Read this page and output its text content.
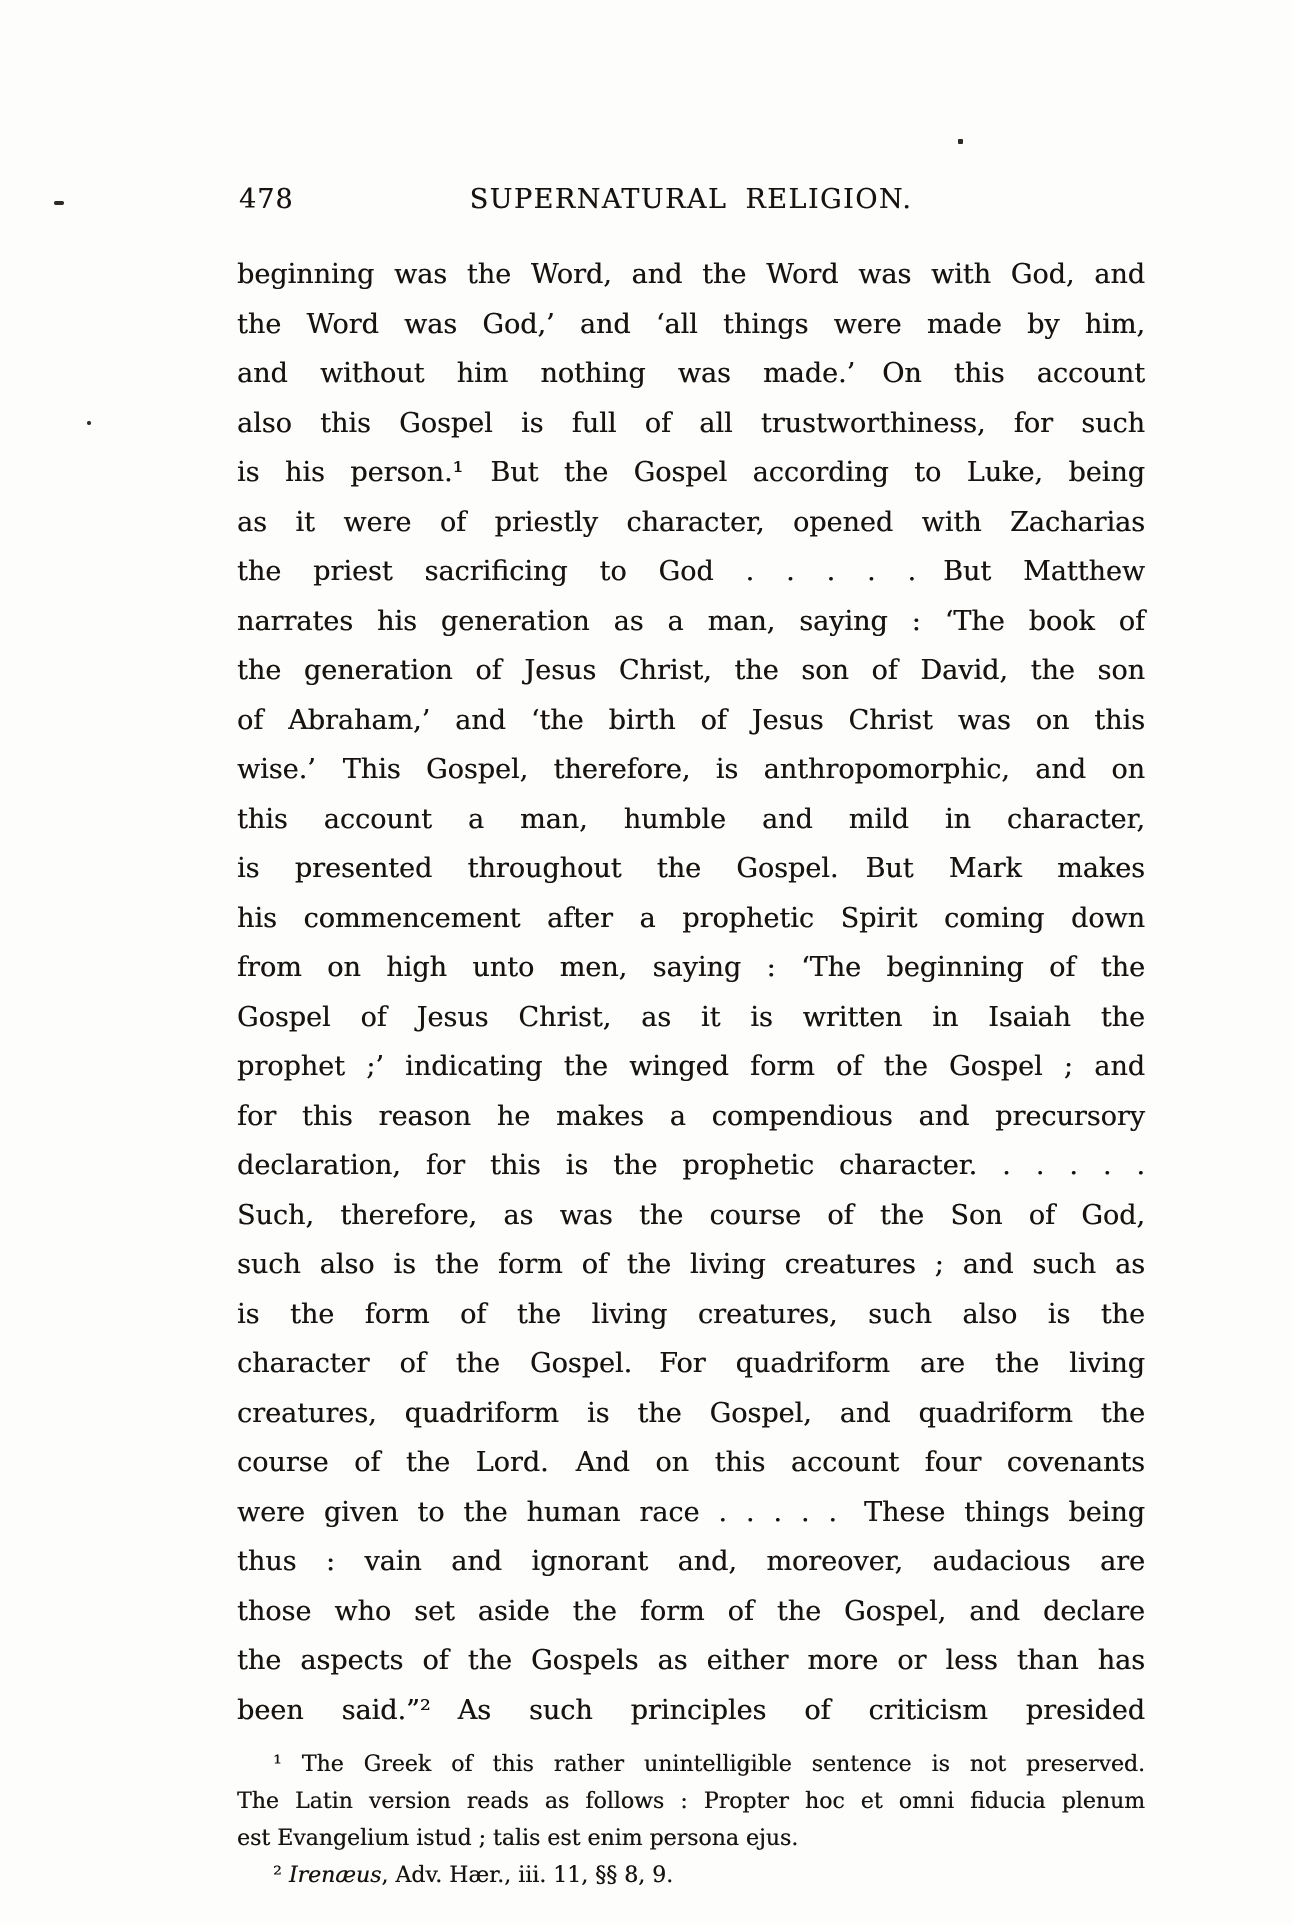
478	SUPERNATURAL RELIGION.
beginning was the Word, and the Word was with God, and
the Word was God,’ and ‘all things were made by him,
and without him nothing was made.’ On this account
also this Gospel is full of all trustworthiness, for such
is his person.¹ But the Gospel according to Luke, being
as it were of priestly character, opened with Zacharias
the priest sacrificing to God . . . . . But Matthew
narrates his generation as a man, saying : ‘The book of
the generation of Jesus Christ, the son of David, the son
of Abraham,’ and ‘the birth of Jesus Christ was on this
wise.’ This Gospel, therefore, is anthropomorphic, and on
this account a man, humble and mild in character,
is presented throughout the Gospel. But Mark makes
his commencement after a prophetic Spirit coming down
from on high unto men, saying : ‘The beginning of the
Gospel of Jesus Christ, as it is written in Isaiah the
prophet ;’ indicating the winged form of the Gospel ; and
for this reason he makes a compendious and precursory
declaration, for this is the prophetic character. . . . . .
Such, therefore, as was the course of the Son of God,
such also is the form of the living creatures ; and such as
is the form of the living creatures, such also is the
character of the Gospel. For quadriform are the living
creatures, quadriform is the Gospel, and quadriform the
course of the Lord. And on this account four covenants
were given to the human race . . . . . These things being
thus : vain and ignorant and, moreover, audacious are
those who set aside the form of the Gospel, and declare
the aspects of the Gospels as either more or less than has
been said.”² As such principles of criticism presided
¹ The Greek of this rather unintelligible sentence is not preserved.
The Latin version reads as follows : Propter hoc et omni fiducia plenum
est Evangelium istud ; talis est enim persona ejus.
² Irenæus, Adv. Hær., iii. 11, §§ 8, 9.
